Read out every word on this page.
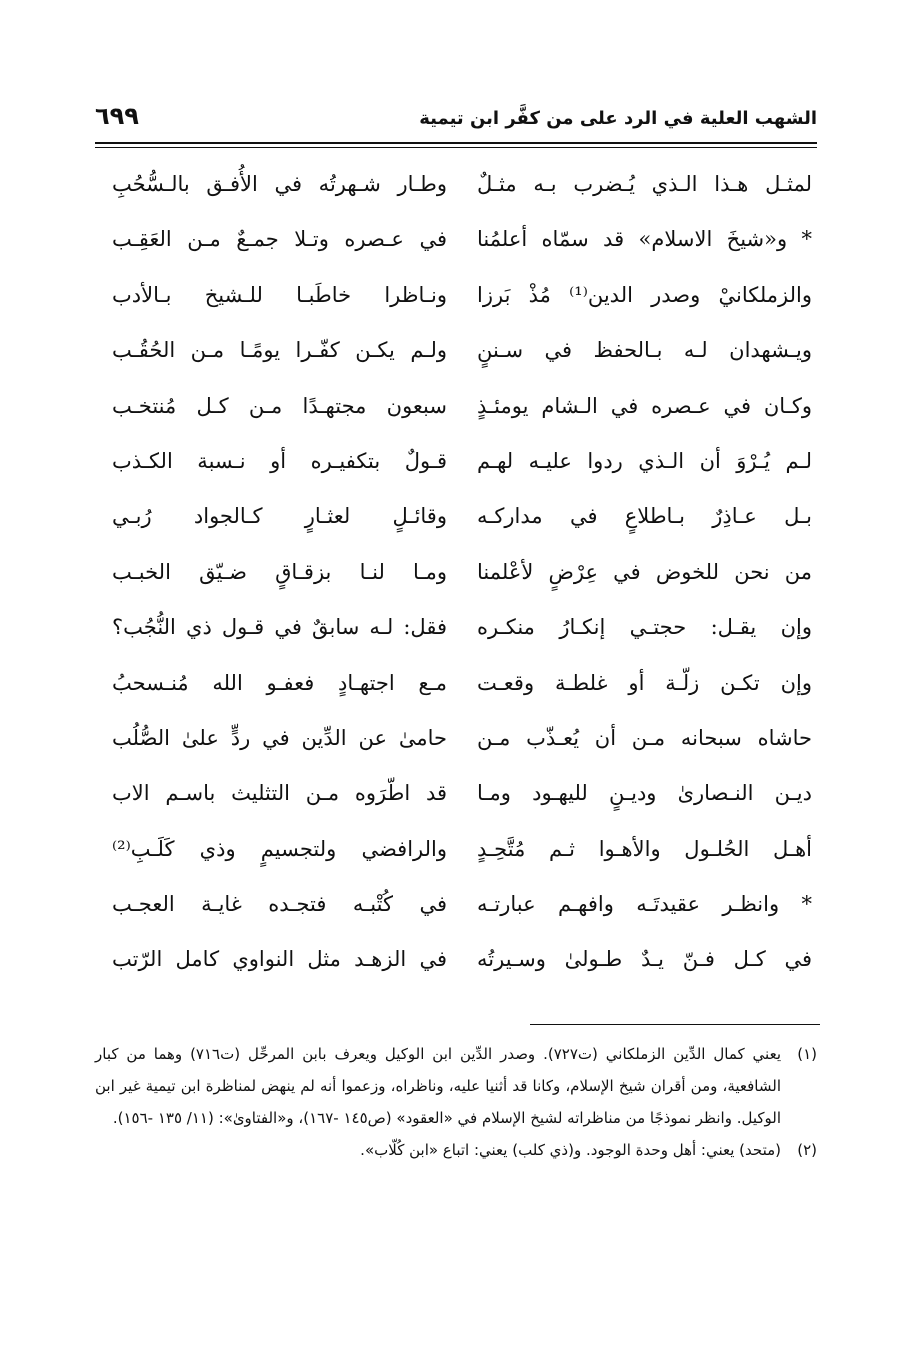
الشهب العلية في الرد على من كفَّر ابن تيمية
٦٩٩
لمثـل هـذا الـذي يُـضرب بـه مثـلٌ
وطـار شـهرتُه في الأُفـق بالـسُّحُبِ
* و«شيخَ الاسلام» قد سمّاه أعلمُنا
في عـصره وتـلا جمـعٌ مـن العَقِـب
والزملكانيْ وصدر الدين⁽¹⁾ مُذْ بَرزا
ونـاظرا خاطَبـا للـشيخ بـالأدب
ويـشهدان لـه بـالحفظ في سـننٍ
ولـم يكـن كفّـرا يومًـا مـن الحُقُـب
وكـان في عـصره في الـشام يومئـذٍ
سبعون مجتهـدًا مـن كـل مُنتخـب
لـم يُـرْوَ أن الـذي ردوا عليـه لهـم
قـولٌ بتكفيـره أو نـسبة الكـذب
بـل عـاذِرٌ بـاطلاعٍ في مداركـه
وقائـلٍ لعثـارٍ كـالجواد رُبـي
من نحن للخوض في عِرْضٍ لأعْلمنا
ومـا لنـا بزقـاقٍ ضـيّق الخبـب
وإن يقـل: حجتـي إنكـارُ منكـره
فقل: لـه سابقٌ في قـول ذي النُّجُب؟
وإن تكـن زلّـة أو غلطـة وقعـت
مـع اجتهـادٍ فعفـو الله مُنـسحبُ
حاشاه سبحانه مـن أن يُعـذّب مـن
حامىٰ عن الدِّين في ردٍّ علىٰ الصُّلُب
ديـن النـصارىٰ وديـنٍ لليهـود ومـا
قد اطّرَوه مـن التثليث باسـم الاب
أهـل الحُلـول والأهـوا ثـم مُتَّحِـدٍ
والرافضي ولتجسيمٍ وذي كَلَـبِ⁽²⁾
* وانظـر عقيدتَـه وافهـم عبارتـه
في كُتْبـه فتجـده غايـة العجـب
في كـل فـنّ يـدٌ طـولىٰ وسـيرتُه
في الزهـد مثل النواوي كامل الرّتب
(١)
يعني كمال الدِّين الزملكاني (ت٧٢٧). وصدر الدِّين ابن الوكيل ويعرف بابن المرحِّل (ت٧١٦) وهما من كبار الشافعية، ومن أقران شيخ الإسلام، وكانا قد أثنيا عليه، وناظراه، وزعموا أنه لم ينهض لمناظرة ابن تيمية غير ابن الوكيل. وانظر نموذجًا من مناظراته لشيخ الإسلام في «العقود» (ص١٤٥ -١٦٧)، و«الفتاوىٰ»: (١١/ ١٣٥ -١٥٦).
(٢)
(متحد) يعني: أهل وحدة الوجود. و(ذي كلب) يعني: اتباع «ابن كُلّاب».
